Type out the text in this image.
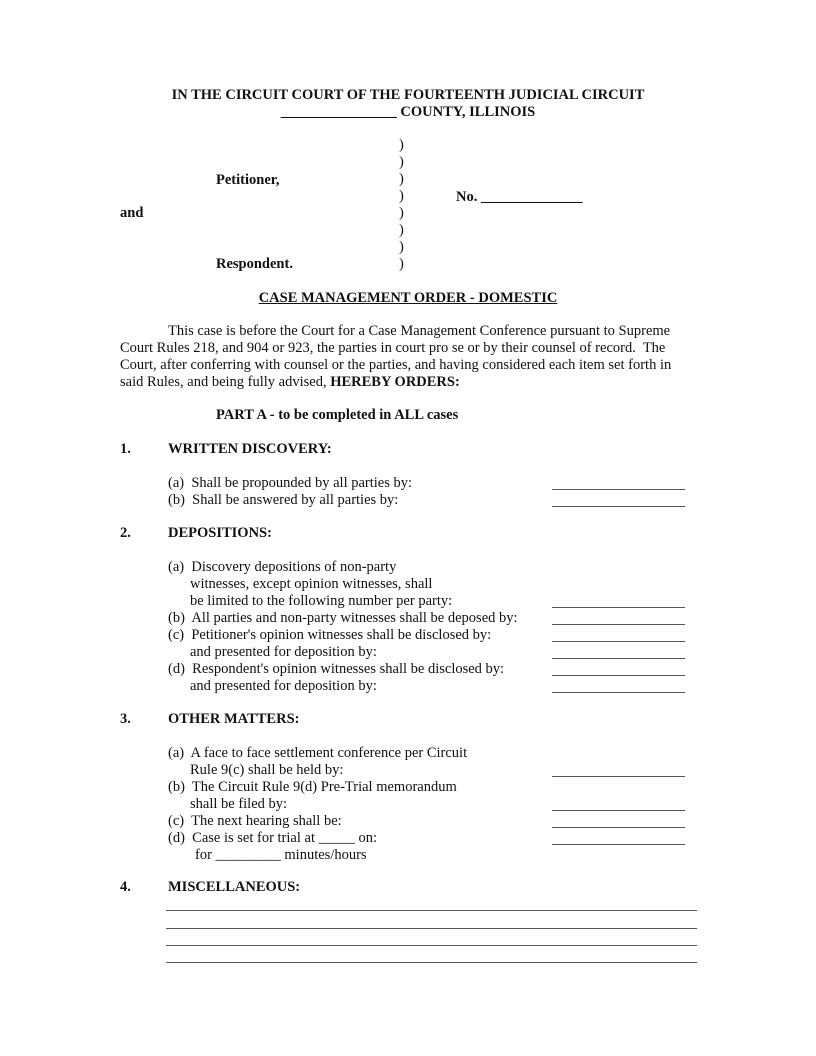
IN THE CIRCUIT COURT OF THE FOURTEENTH JUDICIAL CIRCUIT
________________ COUNTY, ILLINOIS
Petitioner,
No. ______________
and
Respondent.
CASE MANAGEMENT ORDER - DOMESTIC
This case is before the Court for a Case Management Conference pursuant to Supreme
Court Rules 218, and 904 or 923, the parties in court pro se or by their counsel of record.  The
Court, after conferring with counsel or the parties, and having considered each item set forth in
said Rules, and being fully advised, HEREBY ORDERS:
PART A - to be completed in ALL cases
)
)
)
)
)
)
)
)
1.	WRITTEN DISCOVERY:
(a)  Shall be propounded by all parties by:
(b)  Shall be answered by all parties by:
2.	DEPOSITIONS:
(a)  Discovery depositions of non-party
witnesses, except opinion witnesses, shall
be limited to the following number per party:
(b)  All parties and non-party witnesses shall be deposed by:
(c)  Petitioner's opinion witnesses shall be disclosed by:
and presented for deposition by:
(d)  Respondent's opinion witnesses shall be disclosed by:
and presented for deposition by:
3.	OTHER MATTERS:
(a)  A face to face settlement conference per Circuit
Rule 9(c) shall be held by:
(b)  The Circuit Rule 9(d) Pre-Trial memorandum
shall be filed by:
(c)  The next hearing shall be:
(d)  Case is set for trial at _____ on:
for _________ minutes/hours
4.	MISCELLANEOUS:
